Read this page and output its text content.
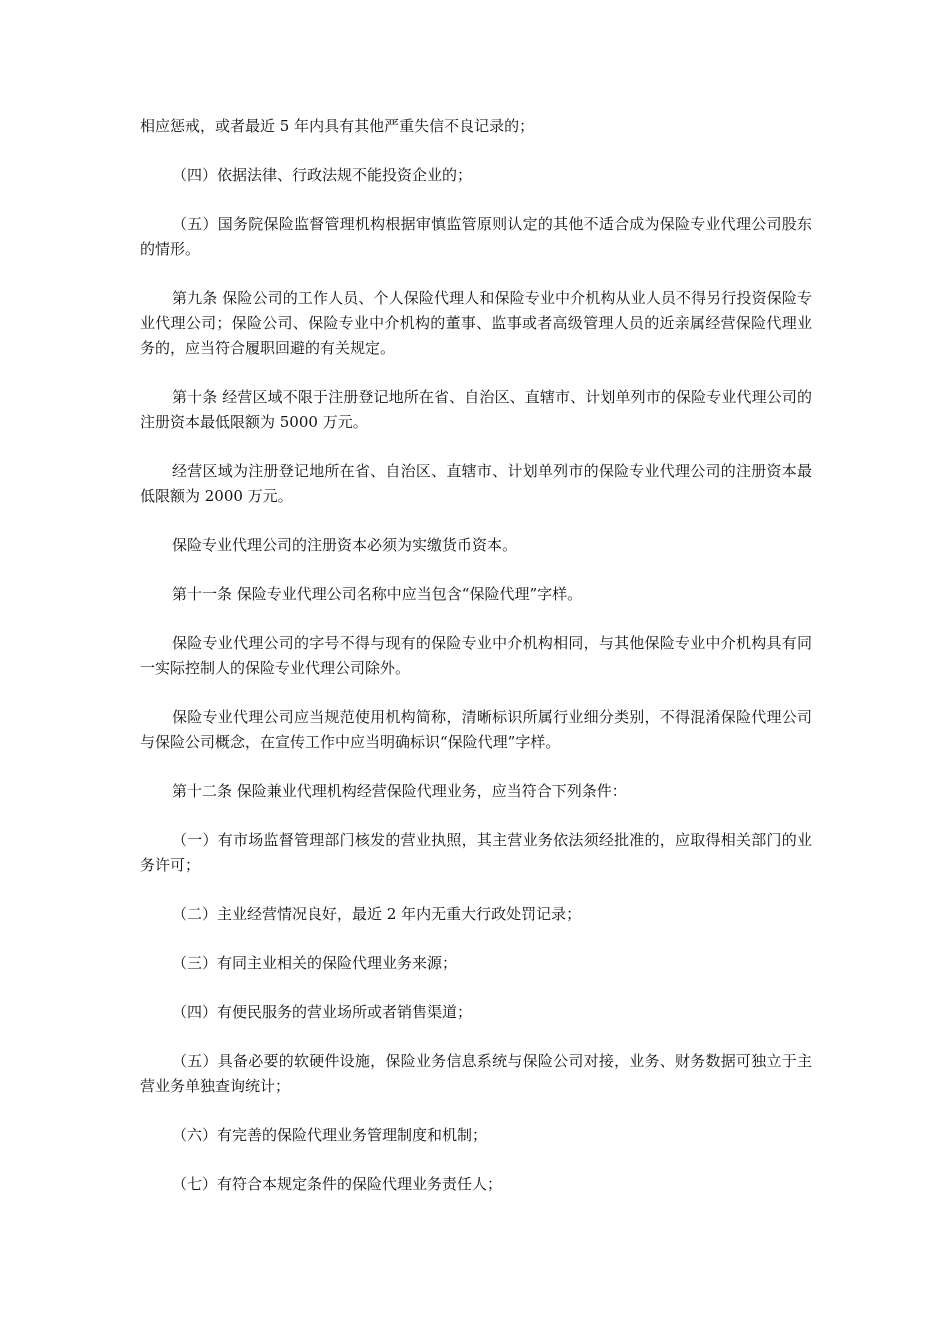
相应惩戒，或者最近 5 年内具有其他严重失信不良记录的；

（四）依据法律、行政法规不能投资企业的；

（五）国务院保险监督管理机构根据审慎监管原则认定的其他不适合成为保险专业代理公司股东的情形。

第九条 保险公司的工作人员、个人保险代理人和保险专业中介机构从业人员不得另行投资保险专业代理公司；保险公司、保险专业中介机构的董事、监事或者高级管理人员的近亲属经营保险代理业务的，应当符合履职回避的有关规定。

第十条 经营区域不限于注册登记地所在省、自治区、直辖市、计划单列市的保险专业代理公司的注册资本最低限额为 5000 万元。

经营区域为注册登记地所在省、自治区、直辖市、计划单列市的保险专业代理公司的注册资本最低限额为 2000 万元。

保险专业代理公司的注册资本必须为实缴货币资本。

第十一条 保险专业代理公司名称中应当包含“保险代理”字样。

保险专业代理公司的字号不得与现有的保险专业中介机构相同，与其他保险专业中介机构具有同一实际控制人的保险专业代理公司除外。

保险专业代理公司应当规范使用机构简称，清晰标识所属行业细分类别，不得混淆保险代理公司与保险公司概念，在宣传工作中应当明确标识“保险代理”字样。

第十二条 保险兼业代理机构经营保险代理业务，应当符合下列条件：

（一）有市场监督管理部门核发的营业执照，其主营业务依法须经批准的，应取得相关部门的业务许可；

（二）主业经营情况良好，最近 2 年内无重大行政处罚记录；

（三）有同主业相关的保险代理业务来源；

（四）有便民服务的营业场所或者销售渠道；

（五）具备必要的软硬件设施，保险业务信息系统与保险公司对接，业务、财务数据可独立于主营业务单独查询统计；

（六）有完善的保险代理业务管理制度和机制；

（七）有符合本规定条件的保险代理业务责任人；
